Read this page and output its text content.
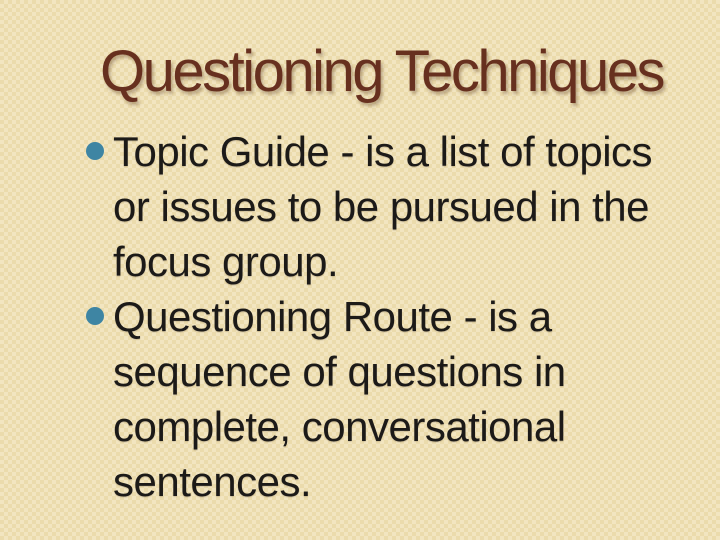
Questioning Techniques
Topic Guide - is a list of topics
or issues to be pursued in the
focus group.
Questioning Route - is a
sequence of questions in
complete, conversational
sentences.
